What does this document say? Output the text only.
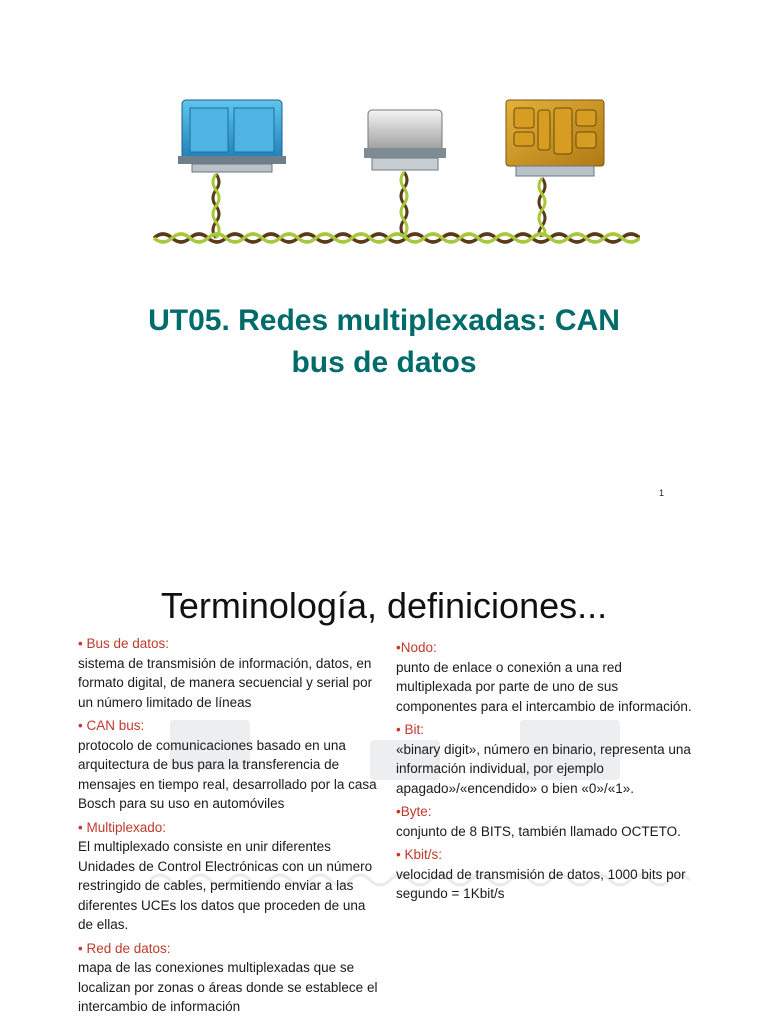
UT05. Redes multiplexadas: CAN
bus de datos
1
Terminología, definiciones...
• Bus de datos:
sistema de transmisión de información, datos, en formato digital, de manera secuencial y serial por un número limitado de líneas
• CAN bus:
protocolo de comunicaciones basado en una arquitectura de bus para la transferencia de mensajes en tiempo real, desarrollado por la casa Bosch para su uso en automóviles
• Multiplexado:
El multiplexado consiste en unir diferentes Unidades de Control Electrónicas con un número restringido de cables, permitiendo enviar a las diferentes UCEs los datos que proceden de una de ellas.
• Red de datos:
mapa de las conexiones multiplexadas que se localizan por zonas o áreas donde se establece el intercambio de información
•Nodo:
punto de enlace o conexión a una red multiplexada por parte de uno de sus componentes para el intercambio de información.
• Bit:
«binary digit», número en binario, representa una información individual, por ejemplo apagado»/«encendido» o bien «0»/«1».
•Byte:
conjunto de 8 BITS, también llamado OCTETO.
• Kbit/s:
velocidad de transmisión de datos, 1000 bits por segundo = 1Kbit/s
